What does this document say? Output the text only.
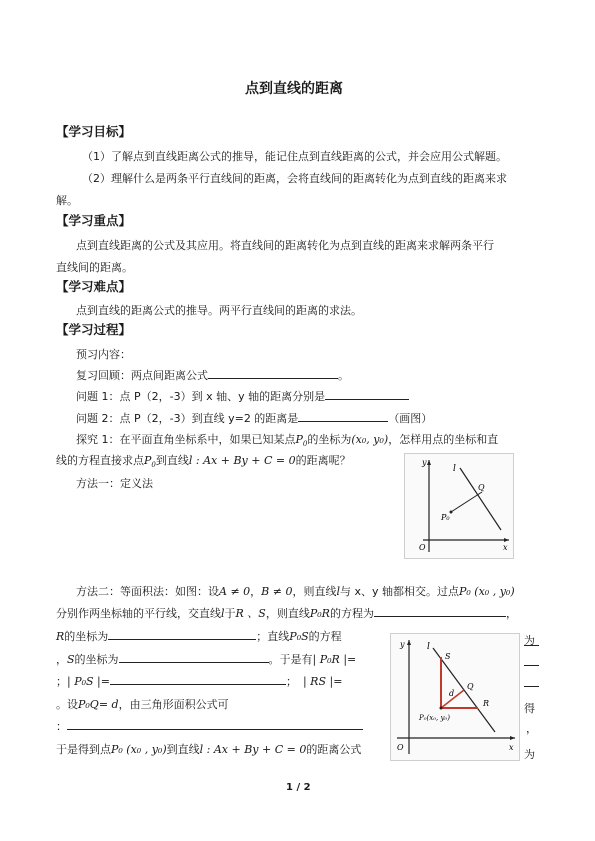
点到直线的距离
【学习目标】
（1）了解点到直线距离公式的推导，能记住点到直线距离的公式，并会应用公式解题。
（2）理解什么是两条平行直线间的距离，会将直线间的距离转化为点到直线的距离来求
解。
【学习重点】
点到直线距离的公式及其应用。将直线间的距离转化为点到直线的距离来求解两条平行
直线间的距离。
【学习难点】
点到直线的距离公式的推导。两平行直线间的距离的求法。
【学习过程】
预习内容：
复习回顾：两点间距离公式	。
问题 1：点 P（2，-3）到 x 轴、y 轴的距离分别是
问题 2：点 P（2，-3）到直线 y=2 的距离是	（画图）
探究 1：在平面直角坐标系中，如果已知某点$P_0$的坐标为(x₀, y₀)，怎样用点的坐标和直
线的方程直接求点$P_0$到直线l : Ax + By + C = 0的距离呢？
方法一：定义法
y
x
O
l
Q
P₀
方法二：等面积法：如图：设A ≠ 0，B ≠ 0，则直线l与 x、y 轴都相交。过点P₀ (x₀ , y₀)
分别作两坐标轴的平行线，交直线l于R 、S，则直线P₀R的方程为	，
R的坐标为	；直线P₀S的方程	为
，S的坐标为	。于是有| P₀R |=
；| P₀S |=	； | RS |=
。设P₀Q= d，由三角形面积公式可	得
：	，
于是得到点P₀ (x₀ , y₀)到直线l : Ax + By + C = 0的距离公式	为
y
x
O
l
S
Q
R
d
P₀(x₀, y₀)
1 / 2
